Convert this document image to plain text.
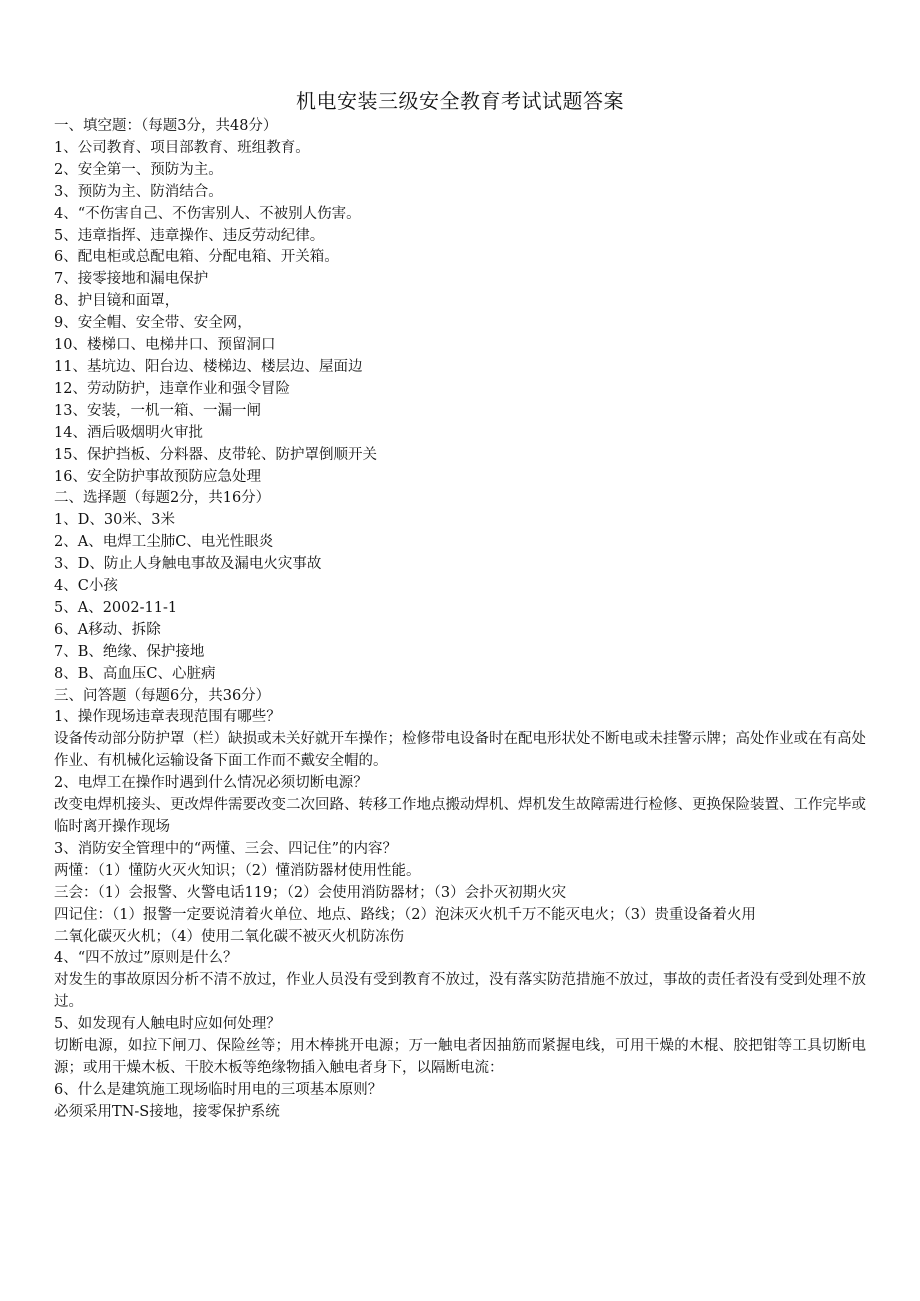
机电安装三级安全教育考试试题答案
一、填空题：（每题3分，共48分）
1、公司教育、项目部教育、班组教育。
2、安全第一、预防为主。
3、预防为主、防消结合。
4、“不伤害自己、不伤害别人、不被别人伤害。
5、违章指挥、违章操作、违反劳动纪律。
6、配电柜或总配电箱、分配电箱、开关箱。
7、接零接地和漏电保护
8、护目镜和面罩，
9、安全帽、安全带、安全网，
10、楼梯口、电梯井口、预留洞口
11、基坑边、阳台边、楼梯边、楼层边、屋面边
12、劳动防护，违章作业和强令冒险
13、安装，一机一箱、一漏一闸
14、酒后吸烟明火审批
15、保护挡板、分料器、皮带轮、防护罩倒顺开关
16、安全防护事故预防应急处理
二、选择题（每题2分，共16分）
1、D、30米、3米
2、A、电焊工尘肺C、电光性眼炎
3、D、防止人身触电事故及漏电火灾事故
4、C小孩
5、A、2002-11-1
6、A移动、拆除
7、B、绝缘、保护接地
8、B、高血压C、心脏病
三、问答题（每题6分，共36分）
1、操作现场违章表现范围有哪些？
设备传动部分防护罩（栏）缺损或未关好就开车操作；检修带电设备时在配电形状处不断电或未挂警示牌；高处作业或在有高处作业、有机械化运输设备下面工作而不戴安全帽的。
2、电焊工在操作时遇到什么情况必须切断电源？
改变电焊机接头、更改焊件需要改变二次回路、转移工作地点搬动焊机、焊机发生故障需进行检修、更换保险装置、工作完毕或临时离开操作现场
3、消防安全管理中的“两懂、三会、四记住”的内容？
两懂：（1）懂防火灭火知识；（2）懂消防器材使用性能。
三会：（1）会报警、火警电话119；（2）会使用消防器材；（3）会扑灭初期火灾
四记住：（1）报警一定要说清着火单位、地点、路线；（2）泡沫灭火机千万不能灭电火；（3）贵重设备着火用
二氧化碳灭火机；（4）使用二氧化碳不被灭火机防冻伤
4、“四不放过”原则是什么？
对发生的事故原因分析不清不放过，作业人员没有受到教育不放过，没有落实防范措施不放过，事故的责任者没有受到处理不放过。
5、如发现有人触电时应如何处理？
切断电源，如拉下闸刀、保险丝等；用木棒挑开电源；万一触电者因抽筋而紧握电线，可用干燥的木棍、胶把钳等工具切断电源；或用干燥木板、干胶木板等绝缘物插入触电者身下，以隔断电流：
6、什么是建筑施工现场临时用电的三项基本原则？
必须采用TN-S接地，接零保护系统
